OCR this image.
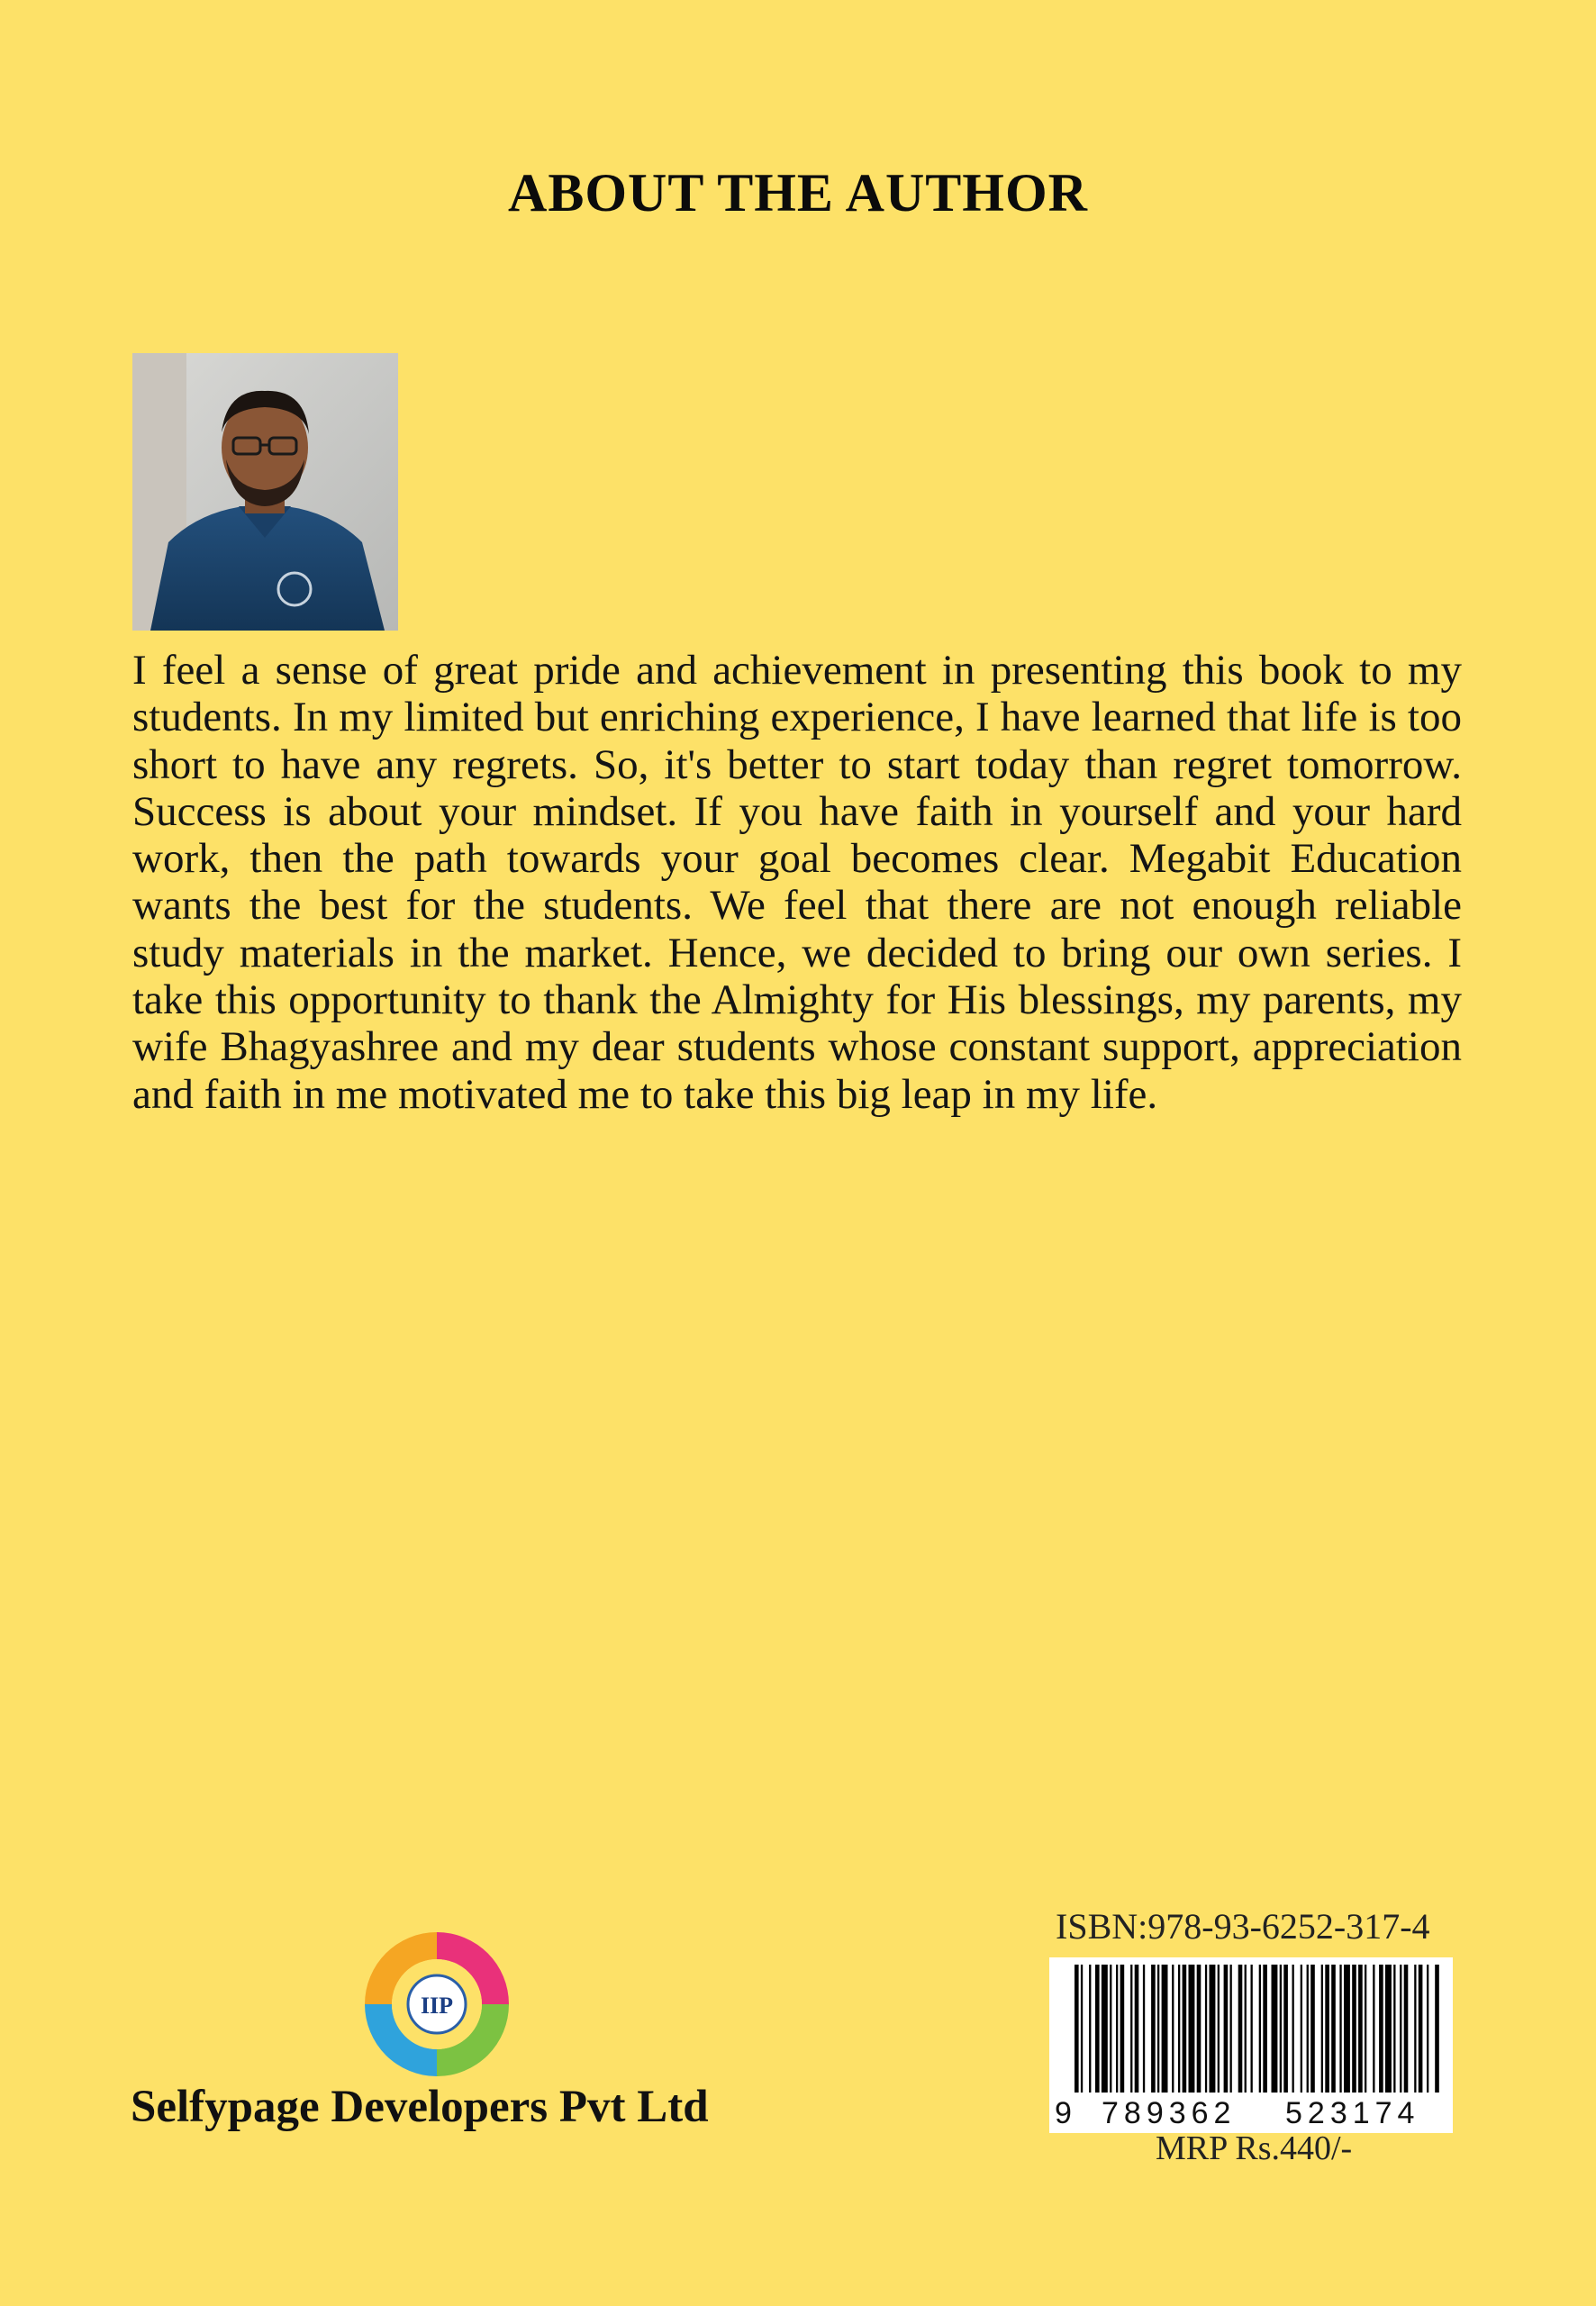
ABOUT THE AUTHOR

I feel a sense of great pride and achievement in presenting this book to my students. In my limited but enriching experience, I have learned that life is too short to have any regrets. So, it's better to start today than regret tomorrow. Success is about your mindset. If you have faith in yourself and your hard work, then the path towards your goal becomes clear. Megabit Education wants the best for the students. We feel that there are not enough reliable study materials in the market. Hence, we decided to bring our own series. I take this opportunity to thank the Almighty for His blessings, my parents, my wife Bhagyashree and my dear students whose constant support, appreciation and faith in me motivated me to take this big leap in my life.

IIP
Selfypage Developers Pvt Ltd
ISBN:978-93-6252-317-4
9 789362 523174
MRP Rs.440/-
